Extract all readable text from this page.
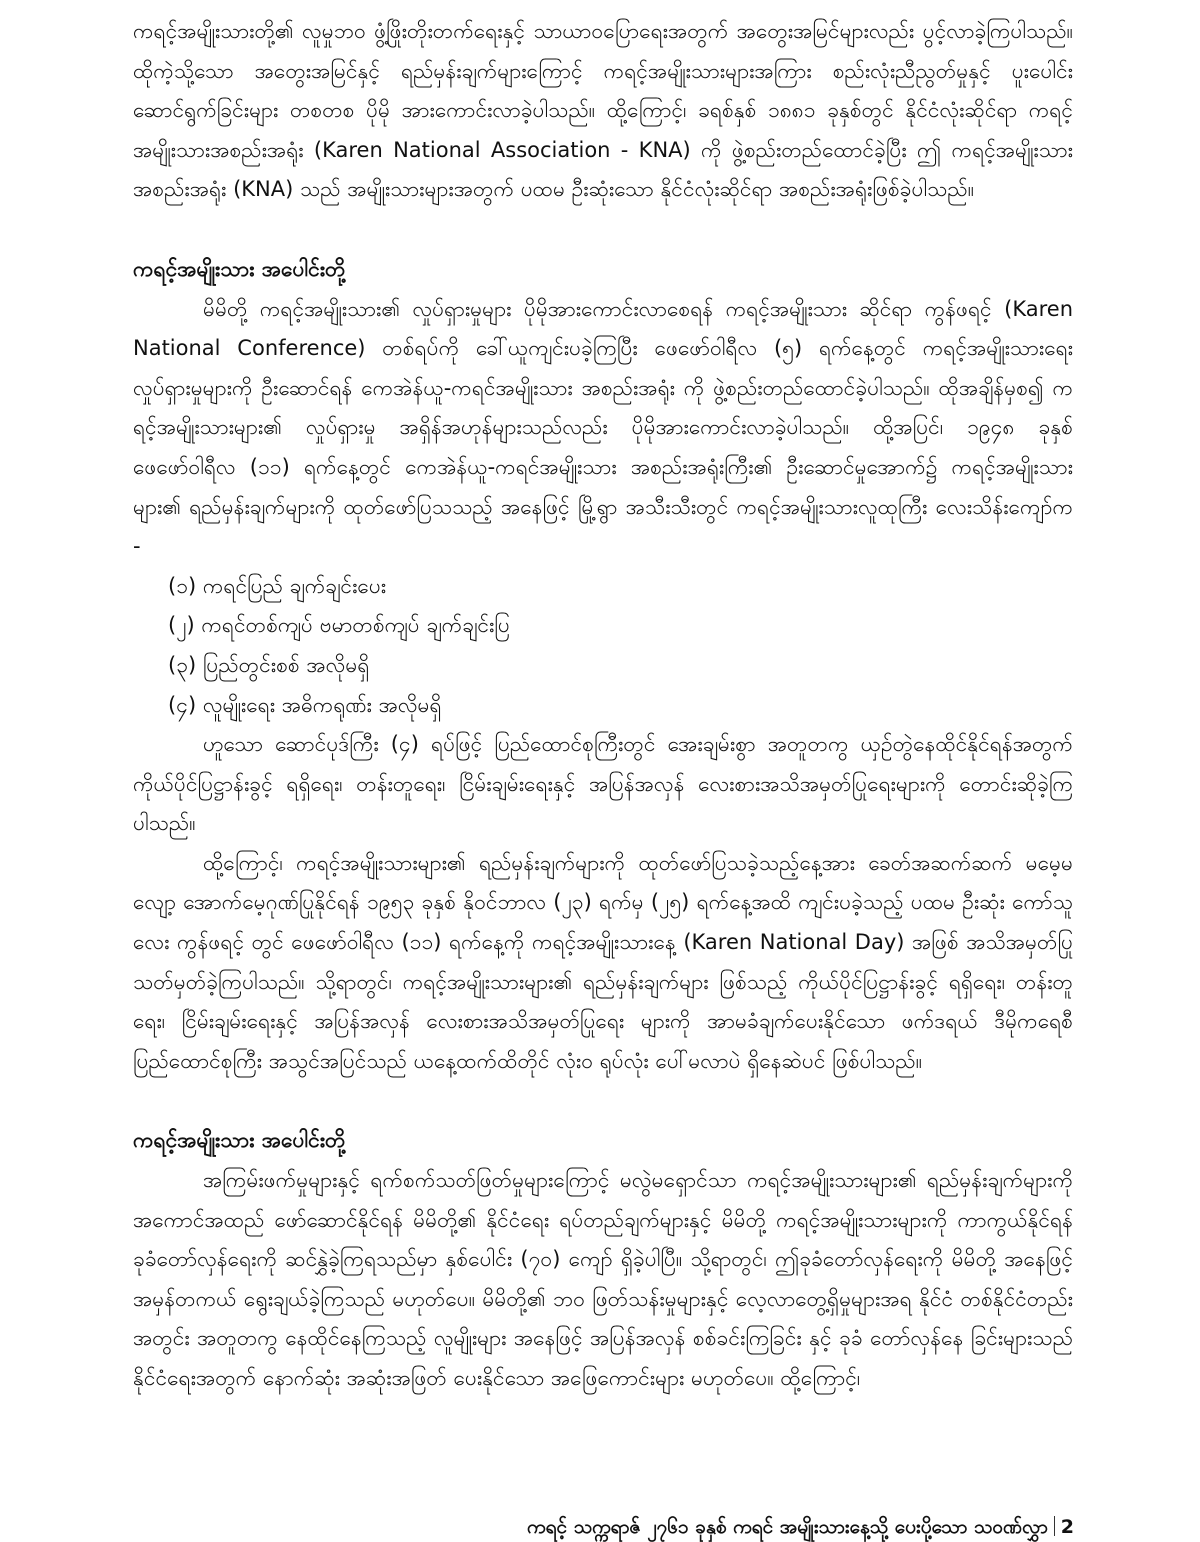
ကရင့်အမျိုးသားတို့၏ လူမှုဘဝ ဖွံ့ဖြိုးတိုးတက်ရေးနှင့် သာယာဝပြောရေးအတွက် အတွေးအမြင်များလည်း ပွင့်လာခဲ့ကြပါသည်။ ထိုကဲ့သို့သော အတွေးအမြင်နှင့် ရည်မှန်းချက်များကြောင့် ကရင့်အမျိုးသားများအကြား စည်းလုံးညီညွတ်မှုနှင့် ပူးပေါင်းဆောင်ရွက်ခြင်းများ တစတစ ပိုမို အားကောင်းလာခဲ့ပါသည်။ ထို့ကြောင့်၊ ခရစ်နှစ် ၁၈၈၁ ခုနှစ်တွင် နိုင်ငံလုံးဆိုင်ရာ ကရင့်အမျိုးသားအစည်းအရုံး (Karen National Association - KNA) ကို ဖွဲ့စည်းတည်ထောင်ခဲ့ပြီး ဤ ကရင့်အမျိုးသားအစည်းအရုံး (KNA) သည် အမျိုးသားများအတွက် ပထမ ဦးဆုံးသော နိုင်ငံလုံးဆိုင်ရာ အစည်းအရုံးဖြစ်ခဲ့ပါသည်။

ကရင့်အမျိုးသား အပေါင်းတို့

မိမိတို့ ကရင့်အမျိုးသား၏ လှုပ်ရှားမှုများ ပိုမိုအားကောင်းလာစေရန် ကရင့်အမျိုးသား ဆိုင်ရာ ကွန်ဖရင့် (Karen National Conference) တစ်ရပ်ကို ခေါ်ယူကျင်းပခဲ့ကြပြီး ဖေဖော်ဝါရီလ (၅) ရက်နေ့တွင် ကရင့်အမျိုးသားရေး လှုပ်ရှားမှုများကို ဦးဆောင်ရန် ကေအဲန်ယူ-ကရင်အမျိုးသား အစည်းအရုံး ကို ဖွဲ့စည်းတည်ထောင်ခဲ့ပါသည်။ ထိုအချိန်မှစ၍ ကရင့်အမျိုးသားများ၏ လှုပ်ရှားမှု အရှိန်အဟုန်များသည်လည်း ပိုမိုအားကောင်းလာခဲ့ပါသည်။ ထို့အပြင်၊ ၁၉၄၈ ခုနှစ် ဖေဖော်ဝါရီလ (၁၁) ရက်နေ့တွင် ကေအဲန်ယူ-ကရင်အမျိုးသား အစည်းအရုံးကြီး၏ ဦးဆောင်မှုအောက်၌ ကရင့်အမျိုးသားများ၏ ရည်မှန်းချက်များကို ထုတ်ဖော်ပြသသည့် အနေဖြင့် မြို့ရွာ အသီးသီးတွင် ကရင့်အမျိုးသားလူထုကြီး လေးသိန်းကျော်က -

(၁) ကရင်ပြည် ချက်ချင်းပေး
(၂) ကရင်တစ်ကျပ် ဗမာတစ်ကျပ် ချက်ချင်းပြ
(၃) ပြည်တွင်းစစ် အလိုမရှိ
(၄) လူမျိုးရေး အဓိကရုဏ်း အလိုမရှိ

ဟူသော ဆောင်ပုဒ်ကြီး (၄) ရပ်ဖြင့် ပြည်ထောင်စုကြီးတွင် အေးချမ်းစွာ အတူတကွ ယှဉ်တွဲနေထိုင်နိုင်ရန်အတွက် ကိုယ်ပိုင်ပြဋ္ဌာန်းခွင့် ရရှိရေး၊ တန်းတူရေး၊ ငြိမ်းချမ်းရေးနှင့် အပြန်အလှန် လေးစားအသိအမှတ်ပြုရေးများကို တောင်းဆိုခဲ့ကြပါသည်။

ထို့ကြောင့်၊ ကရင့်အမျိုးသားများ၏ ရည်မှန်းချက်များကို ထုတ်ဖော်ပြသခဲ့သည့်နေ့အား ခေတ်အဆက်ဆက် မမေ့မလျော့ အောက်မေ့ဂုဏ်ပြုနိုင်ရန် ၁၉၅၃ ခုနှစ် နိုဝင်ဘာလ (၂၃) ရက်မှ (၂၅) ရက်နေ့အထိ ကျင်းပခဲ့သည့် ပထမ ဦးဆုံး ကော်သူလေး ကွန်ဖရင့် တွင် ဖေဖော်ဝါရီလ (၁၁) ရက်နေ့ကို ကရင့်အမျိုးသားနေ့ (Karen National Day) အဖြစ် အသိအမှတ်ပြုသတ်မှတ်ခဲ့ကြပါသည်။ သို့ရာတွင်၊ ကရင့်အမျိုးသားများ၏ ရည်မှန်းချက်များ ဖြစ်သည့် ကိုယ်ပိုင်ပြဋ္ဌာန်းခွင့် ရရှိရေး၊ တန်းတူရေး၊ ငြိမ်းချမ်းရေးနှင့် အပြန်အလှန် လေးစားအသိအမှတ်ပြုရေး များကို အာမခံချက်ပေးနိုင်သော ဖက်ဒရယ် ဒီမိုကရေစီ ပြည်ထောင်စုကြီး အသွင်အပြင်သည် ယနေ့ထက်ထိတိုင် လုံးဝ ရုပ်လုံး ပေါ်မလာပဲ ရှိနေဆဲပင် ဖြစ်ပါသည်။

ကရင့်အမျိုးသား အပေါင်းတို့

အကြမ်းဖက်မှုများနှင့် ရက်စက်သတ်ဖြတ်မှုများကြောင့် မလွဲမရှောင်သာ ကရင့်အမျိုးသားများ၏ ရည်မှန်းချက်များကို အကောင်အထည် ဖော်ဆောင်နိုင်ရန် မိမိတို့၏ နိုင်ငံရေး ရပ်တည်ချက်များနှင့် မိမိတို့ ကရင့်အမျိုးသားများကို ကာကွယ်နိုင်ရန် ခုခံတော်လှန်ရေးကို ဆင်နွှဲခဲ့ကြရသည်မှာ နှစ်ပေါင်း (၇၀) ကျော် ရှိခဲ့ပါပြီ။ သို့ရာတွင်၊ ဤခုခံတော်လှန်ရေးကို မိမိတို့ အနေဖြင့် အမှန်တကယ် ရွေးချယ်ခဲ့ကြသည် မဟုတ်ပေ။ မိမိတို့၏ ဘဝ ဖြတ်သန်းမှုများနှင့် လေ့လာတွေ့ရှိမှုများအရ နိုင်ငံ တစ်နိုင်ငံတည်းအတွင်း အတူတကွ နေထိုင်နေကြသည့် လူမျိုးများ အနေဖြင့် အပြန်အလှန် စစ်ခင်းကြခြင်း နှင့် ခုခံ တော်လှန်နေ ခြင်းများသည် နိုင်ငံရေးအတွက် နောက်ဆုံး အဆုံးအဖြတ် ပေးနိုင်သော အဖြေကောင်းများ မဟုတ်ပေ။ ထို့ကြောင့်၊

ကရင့် သက္ကရာဇ် ၂၇၆၁ ခုနှစ် ကရင် အမျိုးသားနေ့သို့ ပေးပို့သော သဝဏ်လွှာ 2
